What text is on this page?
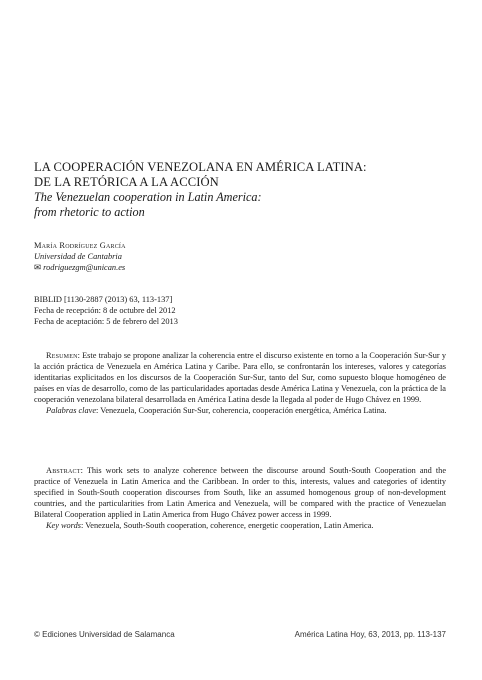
LA COOPERACIÓN VENEZOLANA EN AMÉRICA LATINA:
DE LA RETÓRICA A LA ACCIÓN

The Venezuelan cooperation in Latin America:

from rhetoric to action

María Rodríguez García
Universidad de Cantabria
✉ rodriguezgm@unican.es
BIBLID [1130-2887 (2013) 63, 113-137]
Fecha de recepción: 8 de octubre del 2012
Fecha de aceptación: 5 de febrero del 2013

Resumen: Este trabajo se propone analizar la coherencia entre el discurso existente en torno a la Cooperación Sur-Sur y la acción práctica de Venezuela en América Latina y Caribe. Para ello, se confrontarán los intereses, valores y categorías identitarias explicitados en los discursos de la Cooperación Sur-Sur, tanto del Sur, como supuesto bloque homogéneo de países en vías de desarrollo, como de las particularidades aportadas desde América Latina y Venezuela, con la práctica de la cooperación venezolana bilateral desarrollada en América Latina desde la llegada al poder de Hugo Chávez en 1999.

Palabras clave: Venezuela, Cooperación Sur-Sur, coherencia, cooperación energética, América Latina.

Abstract: This work sets to analyze coherence between the discourse around South-South Cooperation and the practice of Venezuela in Latin America and the Caribbean. In order to this, interests, values and categories of identity specified in South-South cooperation discourses from South, like an assumed homogenous group of non-development countries, and the particularities from Latin America and Venezuela, will be compared with the practice of Venezuelan Bilateral Cooperation applied in Latin America from Hugo Chávez power access in 1999.

Key words: Venezuela, South-South cooperation, coherence, energetic cooperation, Latin America.

© Ediciones Universidad de Salamanca	América Latina Hoy, 63, 2013, pp. 113-137
